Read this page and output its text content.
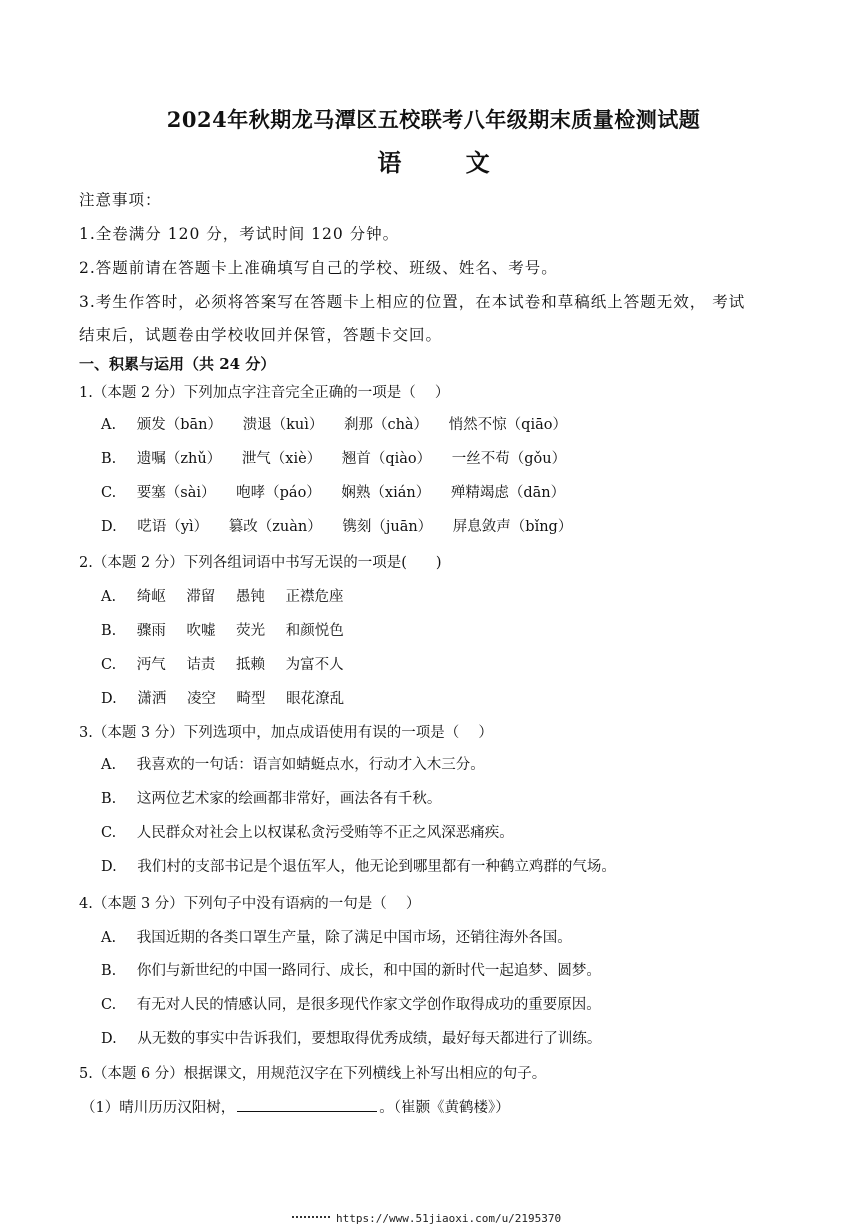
2024年秋期龙马潭区五校联考八年级期末质量检测试题
语 文
注意事项：
1.全卷满分 120 分，考试时间 120 分钟。
2.答题前请在答题卡上准确填写自己的学校、班级、姓名、考号。
3.考生作答时，必须将答案写在答题卡上相应的位置，在本试卷和草稿纸上答题无效， 考试
结束后，试题卷由学校收回并保管，答题卡交回。
一、积累与运用（共 24 分）
1.（本题 2 分）下列加点字注音完全正确的一项是（　 ）
A. 颁发（bān） 溃退（kuì） 刹那（chà） 悄然不惊（qiāo）
B. 遗嘱（zhǔ） 泄气（xiè） 翘首（qiào） 一丝不苟（gǒu）
C. 要塞（sài） 咆哮（páo） 娴熟（xián） 殚精竭虑（dān）
D. 呓语（yì） 篡改（zuàn） 镌刻（juān） 屏息敛声（bǐng）
2.（本题 2 分）下列各组词语中书写无误的一项是(　　)
A. 绮岖 滞留 愚钝 正襟危座
B. 骤雨 吹嘘 荧光 和颜悦色
C. 沔气 诘责 抵赖 为富不人
D. 潇洒 凌空 畸型 眼花潦乱
3.（本题 3 分）下列选项中，加点成语使用有误的一项是（　 ）
A. 我喜欢的一句话：语言如蜻蜓点水，行动才入木三分。
B. 这两位艺术家的绘画都非常好，画法各有千秋。
C. 人民群众对社会上以权谋私贪污受贿等不正之风深恶痛疾。
D. 我们村的支部书记是个退伍军人，他无论到哪里都有一种鹤立鸡群的气场。
4.（本题 3 分）下列句子中没有语病的一句是（　 ）
A. 我国近期的各类口罩生产量，除了满足中国市场，还销往海外各国。
B. 你们与新世纪的中国一路同行、成长，和中国的新时代一起追梦、圆梦。
C. 有无对人民的情感认同，是很多现代作家文学创作取得成功的重要原因。
D. 从无数的事实中告诉我们，要想取得优秀成绩，最好每天都进行了训练。
5.（本题 6 分）根据课文，用规范汉字在下列横线上补写出相应的句子。
（1）晴川历历汉阳树，	。（崔颢《黄鹤楼》）
https://www.51jiaoxi.com/u/2195370
